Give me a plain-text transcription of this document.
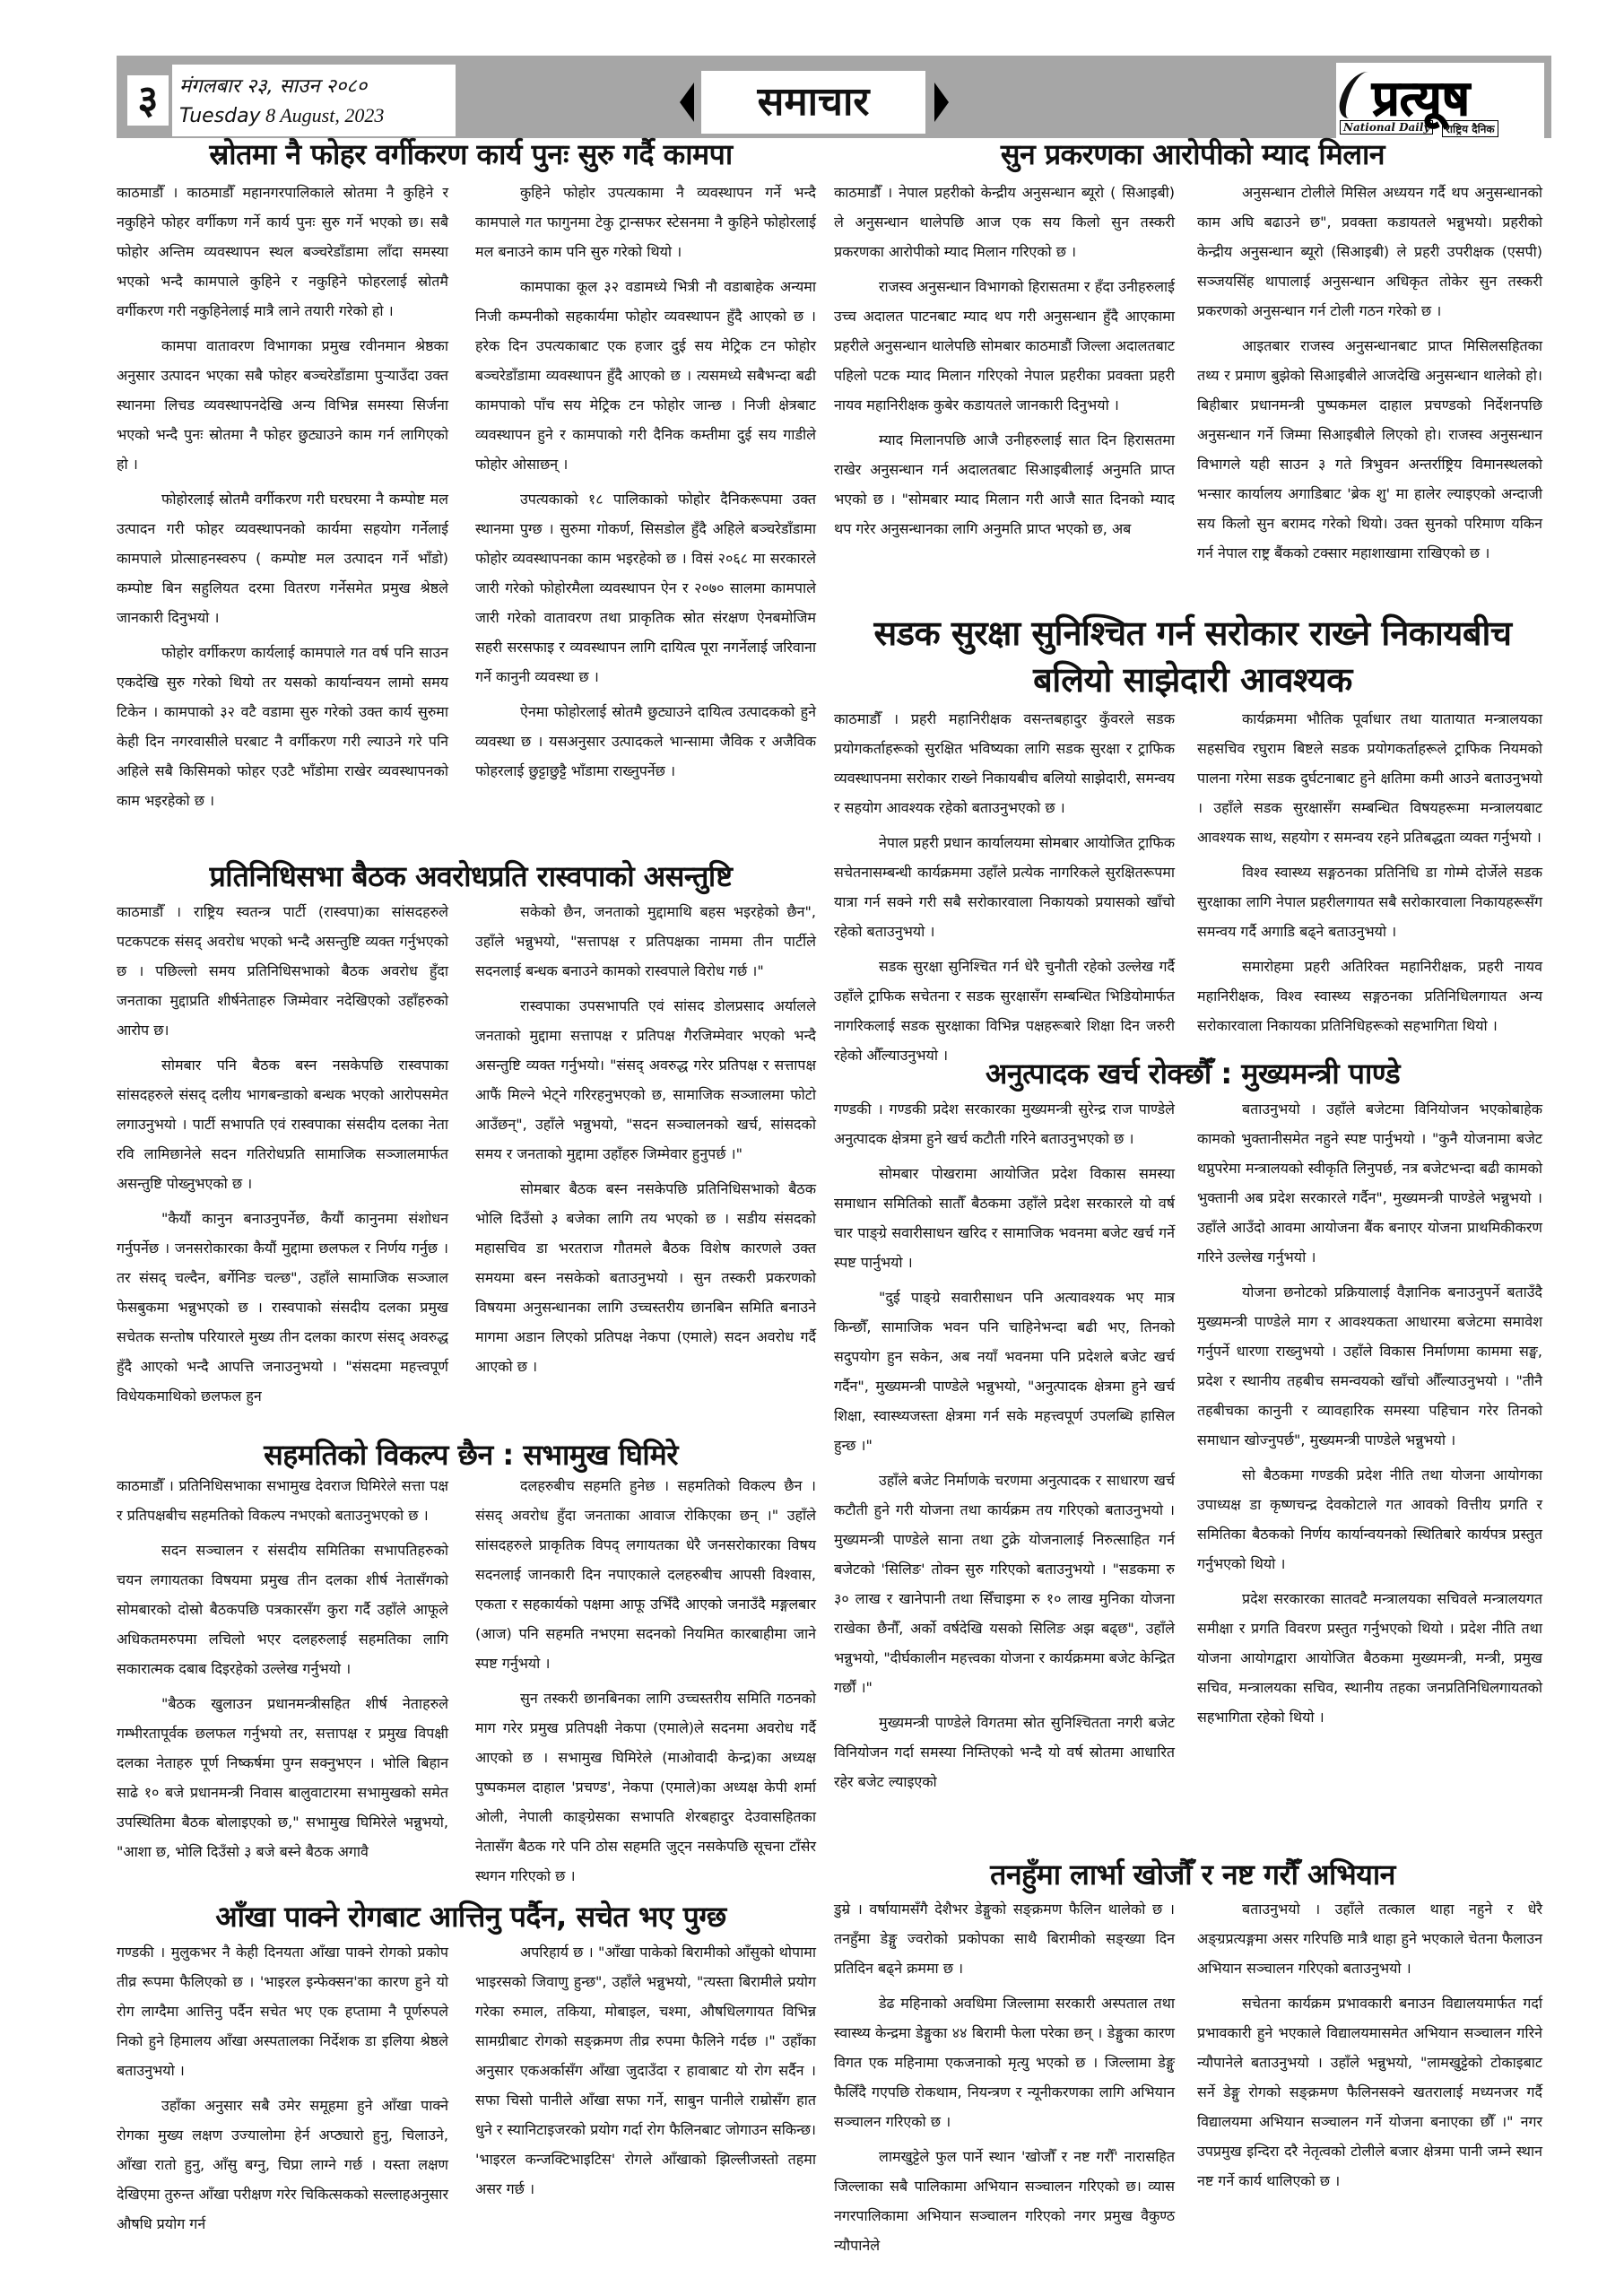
३	मंगलबार २३, साउन २०८०
Tuesday 8 August, 2023	समाचार	प्रत्यूष
National Daily	राष्ट्रिय दैनिक
स्रोतमा नै फोहर वर्गीकरण कार्य पुनः सुरु गर्दै कामपा

काठमाडौँ । काठमाडौँ महानगरपालिकाले स्रोतमा नै कुहिने र नकुहिने फोहर वर्गीकण गर्ने कार्य पुनः सुरु गर्ने भएको छ। सबै फोहोर अन्तिम व्यवस्थापन स्थल बञ्चरेडाँडामा लाँदा समस्या भएको भन्दै कामपाले कुहिने र नकुहिने फोहरलाई स्रोतमै वर्गीकरण गरी नकुहिनेलाई मात्रै लाने तयारी गरेको हो ।

कामपा वातावरण विभागका प्रमुख रवीनमान श्रेष्ठका अनुसार उत्पादन भएका सबै फोहर बञ्चरेडाँडामा पुर्‍याउँदा उक्त स्थानमा लिचड व्यवस्थापनदेखि अन्य विभिन्न समस्या सिर्जना भएको भन्दै पुनः स्रोतमा नै फोहर छुट्याउने काम गर्न लागिएको हो ।

फोहोरलाई स्रोतमै वर्गीकरण गरी घरघरमा नै कम्पोष्ट मल उत्पादन गरी फोहर व्यवस्थापनको कार्यमा सहयोग गर्नेलाई कामपाले प्रोत्साहनस्वरुप ( कम्पोष्ट मल उत्पादन गर्ने भाँडो) कम्पोष्ट बिन सहुलियत दरमा वितरण गर्नेसमेत प्रमुख श्रेष्ठले जानकारी दिनुभयो ।

फोहोर वर्गीकरण कार्यलाई कामपाले गत वर्ष पनि साउन एकदेखि सुरु गरेको थियो तर यसको कार्यान्वयन लामो समय टिकेन । कामपाको ३२ वटै वडामा सुरु गरेको उक्त कार्य सुरुमा केही दिन नगरवासीले घरबाट नै वर्गीकरण गरी ल्याउने गरे पनि अहिले सबै किसिमको फोहर एउटै भाँडोमा राखेर व्यवस्थापनको काम भइरहेको छ ।

कुहिने फोहोर उपत्यकामा नै व्यवस्थापन गर्ने भन्दै कामपाले गत फागुनमा टेकु ट्रान्सफर स्टेसनमा नै कुहिने फोहोरलाई मल बनाउने काम पनि सुरु गरेको थियो ।

कामपाका कूल ३२ वडामध्ये भित्री नौ वडाबाहेक अन्यमा निजी कम्पनीको सहकार्यमा फोहोर व्यवस्थापन हुँदै आएको छ । हरेक दिन उपत्यकाबाट एक हजार दुई सय मेट्रिक टन फोहोर बञ्चरेडाँडामा व्यवस्थापन हुँदै आएको छ । त्यसमध्ये सबैभन्दा बढी कामपाको पाँच सय मेट्रिक टन फोहोर जान्छ । निजी क्षेत्रबाट व्यवस्थापन हुने र कामपाको गरी दैनिक कम्तीमा दुई सय गाडीले फोहोर ओसाछन् ।

उपत्यकाको १८ पालिकाको फोहोर दैनिकरूपमा उक्त स्थानमा पुग्छ । सुरुमा गोकर्ण, सिसडोल हुँदै अहिले बञ्चरेडाँडामा फोहोर व्यवस्थापनका काम भइरहेको छ । विसं २०६८ मा सरकारले जारी गरेको फोहोरमैला व्यवस्थापन ऐन र २०७० सालमा कामपाले जारी गरेको वातावरण तथा प्राकृतिक स्रोत संरक्षण ऐनबमोजिम सहरी सरसफाइ र व्यवस्थापन लागि दायित्व पूरा नगर्नेलाई जरिवाना गर्ने कानुनी व्यवस्था छ ।

ऐनमा फोहोरलाई स्रोतमै छुट्याउने दायित्व उत्पादकको हुने व्यवस्था छ । यसअनुसार उत्पादकले भान्सामा जैविक र अजैविक फोहरलाई छुट्टाछुट्टै भाँडामा राख्नुपर्नेछ ।

सुन प्रकरणका आरोपीको म्याद मिलान

काठमाडौँ । नेपाल प्रहरीको केन्द्रीय अनुसन्धान ब्यूरो ( सिआइबी) ले अनुसन्धान थालेपछि आज एक सय किलो सुन तस्करी प्रकरणका आरोपीको म्याद मिलान गरिएको छ ।

राजस्व अनुसन्धान विभागको हिरासतमा र हँदा उनीहरुलाई उच्च अदालत पाटनबाट म्याद थप गरी अनुसन्धान हुँदै आएकामा प्रहरीले अनुसन्धान थालेपछि सोमबार काठमाडौं जिल्ला अदालतबाट पहिलो पटक म्याद मिलान गरिएको नेपाल प्रहरीका प्रवक्ता प्रहरी नायव महानिरीक्षक कुबेर कडायतले जानकारी दिनुभयो ।

म्याद मिलानपछि आजै उनीहरुलाई सात दिन हिरासतमा राखेर अनुसन्धान गर्न अदालतबाट सिआइबीलाई अनुमति प्राप्त भएको छ । "सोमबार म्याद मिलान गरी आजै सात दिनको म्याद थप गरेर अनुसन्धानका लागि अनुमति प्राप्त भएको छ, अब

अनुसन्धान टोलीले मिसिल अध्ययन गर्दै थप अनुसन्धानको काम अघि बढाउने छ", प्रवक्ता कडायतले भन्नुभयो। प्रहरीको केन्द्रीय अनुसन्धान ब्यूरो (सिआइबी) ले प्रहरी उपरीक्षक (एसपी) सञ्जयसिंह थापालाई अनुसन्धान अधिकृत तोकेर सुन तस्करी प्रकरणको अनुसन्धान गर्न टोली गठन गरेको छ ।

आइतबार राजस्व अनुसन्धानबाट प्राप्त मिसिलसहितका तथ्य र प्रमाण बुझेको सिआइबीले आजदेखि अनुसन्धान थालेको हो। बिहीबार प्रधानमन्त्री पुष्पकमल दाहाल प्रचण्डको निर्देशनपछि अनुसन्धान गर्ने जिम्मा सिआइबीले लिएको हो। राजस्व अनुसन्धान विभागले यही साउन ३ गते त्रिभुवन अन्तर्राष्ट्रिय विमानस्थलको भन्सार कार्यालय अगाडिबाट 'ब्रेक शु' मा हालेर ल्याइएको अन्दाजी सय किलो सुन बरामद गरेको थियो। उक्त सुनको परिमाण यकिन गर्न नेपाल राष्ट्र बैंकको टक्सार महाशाखामा राखिएको छ ।

सडक सुरक्षा सुनिश्चित गर्न सरोकार राख्ने निकायबीच बलियो साझेदारी आवश्यक

काठमाडौँ । प्रहरी महानिरीक्षक वसन्तबहादुर कुँवरले सडक प्रयोगकर्ताहरूको सुरक्षित भविष्यका लागि सडक सुरक्षा र ट्राफिक व्यवस्थापनमा सरोकार राख्ने निकायबीच बलियो साझेदारी, समन्वय र सहयोग आवश्यक रहेको बताउनुभएको छ ।

नेपाल प्रहरी प्रधान कार्यालयमा सोमबार आयोजित ट्राफिक सचेतनासम्बन्धी कार्यक्रममा उहाँले प्रत्येक नागरिकले सुरक्षितरूपमा यात्रा गर्न सक्ने गरी सबै सरोकारवाला निकायको प्रयासको खाँचो रहेको बताउनुभयो ।

सडक सुरक्षा सुनिश्चित गर्न धेरै चुनौती रहेको उल्लेख गर्दै उहाँले ट्राफिक सचेतना र सडक सुरक्षासँग सम्बन्धित भिडियोमार्फत नागरिकलाई सडक सुरक्षाका विभिन्न पक्षहरूबारे शिक्षा दिन जरुरी रहेको औँल्याउनुभयो ।

कार्यक्रममा भौतिक पूर्वाधार तथा यातायात मन्त्रालयका सहसचिव रघुराम बिष्टले सडक प्रयोगकर्ताहरूले ट्राफिक नियमको पालना गरेमा सडक दुर्घटनाबाट हुने क्षतिमा कमी आउने बताउनुभयो । उहाँले सडक सुरक्षासँग सम्बन्धित विषयहरूमा मन्त्रालयबाट आवश्यक साथ, सहयोग र समन्वय रहने प्रतिबद्धता व्यक्त गर्नुभयो ।

विश्व स्वास्थ्य सङ्गठनका प्रतिनिधि डा गोम्मे दोर्जेले सडक सुरक्षाका लागि नेपाल प्रहरीलगायत सबै सरोकारवाला निकायहरूसँग समन्वय गर्दै अगाडि बढ्ने बताउनुभयो ।

समारोहमा प्रहरी अतिरिक्त महानिरीक्षक, प्रहरी नायव महानिरीक्षक, विश्व स्वास्थ्य सङ्गठनका प्रतिनिधिलगायत अन्य सरोकारवाला निकायका प्रतिनिधिहरूको सहभागिता थियो ।

प्रतिनिधिसभा बैठक अवरोधप्रति रास्वपाको असन्तुष्टि

काठमाडौँ । राष्ट्रिय स्वतन्त्र पार्टी (रास्वपा)का सांसदहरुले पटकपटक संसद् अवरोध भएको भन्दै असन्तुष्टि व्यक्त गर्नुभएको छ । पछिल्लो समय प्रतिनिधिसभाको बैठक अवरोध हुँदा जनताका मुद्दाप्रति शीर्षनेताहरु जिम्मेवार नदेखिएको उहाँहरुको आरोप छ।

सोमबार पनि बैठक बस्न नसकेपछि रास्वपाका सांसदहरुले संसद् दलीय भागबन्डाको बन्धक भएको आरोपसमेत लगाउनुभयो । पार्टी सभापति एवं रास्वपाका संसदीय दलका नेता रवि लामिछानेले सदन गतिरोधप्रति सामाजिक सञ्जालमार्फत असन्तुष्टि पोख्नुभएको छ ।

"कैयौं कानुन बनाउनुपर्नेछ, कैयौं कानुनमा संशोधन गर्नुपर्नेछ । जनसरोकारका कैयौं मुद्दामा छलफल र निर्णय गर्नुछ । तर संसद् चल्दैन, बर्गेनिङ चल्छ", उहाँले सामाजिक सञ्जाल फेसबुकमा भन्नुभएको छ । रास्वपाको संसदीय दलका प्रमुख सचेतक सन्तोष परियारले मुख्य तीन दलका कारण संसद् अवरुद्ध हुँदै आएको भन्दै आपत्ति जनाउनुभयो । "संसदमा महत्त्वपूर्ण विधेयकमाथिको छलफल हुन

सकेको छैन, जनताको मुद्दामाथि बहस भइरहेको छैन", उहाँले भन्नुभयो, "सत्तापक्ष र प्रतिपक्षका नाममा तीन पार्टीले सदनलाई बन्धक बनाउने कामको रास्वपाले विरोध गर्छ ।"

रास्वपाका उपसभापति एवं सांसद डोलप्रसाद अर्यालले जनताको मुद्दामा सत्तापक्ष र प्रतिपक्ष गैरजिम्मेवार भएको भन्दै असन्तुष्टि व्यक्त गर्नुभयो। "संसद् अवरुद्ध गरेर प्रतिपक्ष र सत्तापक्ष आफैं मिल्ने भेट्ने गरिरहनुभएको छ, सामाजिक सञ्जालमा फोटो आउँछन्", उहाँले भन्नुभयो, "सदन सञ्चालनको खर्च, सांसदको समय र जनताको मुद्दामा उहाँहरु जिम्मेवार हुनुपर्छ ।"

सोमबार बैठक बस्न नसकेपछि प्रतिनिधिसभाको बैठक भोलि दिउँसो ३ बजेका लागि तय भएको छ । सडीय संसदको महासचिव डा भरतराज गौतमले बैठक विशेष कारणले उक्त समयमा बस्न नसकेको बताउनुभयो । सुन तस्करी प्रकरणको विषयमा अनुसन्धानका लागि उच्चस्तरीय छानबिन समिति बनाउने मागमा अडान लिएको प्रतिपक्ष नेकपा (एमाले) सदन अवरोध गर्दै आएको छ ।

अनुत्पादक खर्च रोक्छौँ : मुख्यमन्त्री पाण्डे

गण्डकी । गण्डकी प्रदेश सरकारका मुख्यमन्त्री सुरेन्द्र राज पाण्डेले अनुत्पादक क्षेत्रमा हुने खर्च कटौती गरिने बताउनुभएको छ ।

सोमबार पोखरामा आयोजित प्रदेश विकास समस्या समाधान समितिको सातौँ बैठकमा उहाँले प्रदेश सरकारले यो वर्ष चार पाङ्ग्रे सवारीसाधन खरिद र सामाजिक भवनमा बजेट खर्च गर्ने स्पष्ट पार्नुभयो ।

"दुई पाङ्ग्रे सवारीसाधन पनि अत्यावश्यक भए मात्र किन्छौँ, सामाजिक भवन पनि चाहिनेभन्दा बढी भए, तिनको सदुपयोग हुन सकेन, अब नयाँ भवनमा पनि प्रदेशले बजेट खर्च गर्दैन", मुख्यमन्त्री पाण्डेले भन्नुभयो, "अनुत्पादक क्षेत्रमा हुने खर्च शिक्षा, स्वास्थ्यजस्ता क्षेत्रमा गर्न सके महत्त्वपूर्ण उपलब्धि हासिल हुन्छ ।"

उहाँले बजेट निर्माणके चरणमा अनुत्पादक र साधारण खर्च कटौती हुने गरी योजना तथा कार्यक्रम तय गरिएको बताउनुभयो । मुख्यमन्त्री पाण्डेले साना तथा टुक्रे योजनालाई निरुत्साहित गर्न बजेटको 'सिलिङ' तोक्न सुरु गरिएको बताउनुभयो । "सडकमा रु ३० लाख र खानेपानी तथा सिँचाइमा रु १० लाख मुनिका योजना राखेका छैनौँ, अर्को वर्षदेखि यसको सिलिङ अझ बढ्छ", उहाँले भन्नुभयो, "दीर्घकालीन महत्त्वका योजना र कार्यक्रममा बजेट केन्द्रित गर्छौं ।"

मुख्यमन्त्री पाण्डेले विगतमा स्रोत सुनिश्चितता नगरी बजेट विनियोजन गर्दा समस्या निम्तिएको भन्दै यो वर्ष स्रोतमा आधारित रहेर बजेट ल्याइएको

बताउनुभयो । उहाँले बजेटमा विनियोजन भएकोबाहेक कामको भुक्तानीसमेत नहुने स्पष्ट पार्नुभयो । "कुनै योजनामा बजेट थप्नुपरेमा मन्त्रालयको स्वीकृति लिनुपर्छ, नत्र बजेटभन्दा बढी कामको भुक्तानी अब प्रदेश सरकारले गर्दैन", मुख्यमन्त्री पाण्डेले भन्नुभयो । उहाँले आउँदो आवमा आयोजना बैंक बनाएर योजना प्राथमिकीकरण गरिने उल्लेख गर्नुभयो ।

योजना छनोटको प्रक्रियालाई वैज्ञानिक बनाउनुपर्ने बताउँदै मुख्यमन्त्री पाण्डेले माग र आवश्यकता आधारमा बजेटमा समावेश गर्नुपर्ने धारणा राख्नुभयो । उहाँले विकास निर्माणमा काममा सङ्घ, प्रदेश र स्थानीय तहबीच समन्वयको खाँचो औँल्याउनुभयो । "तीनै तहबीचका कानुनी र व्यावहारिक समस्या पहिचान गरेर तिनको समाधान खोज्नुपर्छ", मुख्यमन्त्री पाण्डेले भन्नुभयो ।

सो बैठकमा गण्डकी प्रदेश नीति तथा योजना आयोगका उपाध्यक्ष डा कृष्णचन्द्र देवकोटाले गत आवको वित्तीय प्रगति र समितिका बैठकको निर्णय कार्यान्वयनको स्थितिबारे कार्यपत्र प्रस्तुत गर्नुभएको थियो ।

प्रदेश सरकारका सातवटै मन्त्रालयका सचिवले मन्त्रालयगत समीक्षा र प्रगति विवरण प्रस्तुत गर्नुभएको थियो । प्रदेश नीति तथा योजना आयोगद्वारा आयोजित बैठकमा मुख्यमन्त्री, मन्त्री, प्रमुख सचिव, मन्त्रालयका सचिव, स्थानीय तहका जनप्रतिनिधिलगायतको सहभागिता रहेको थियो ।

सहमतिको विकल्प छैन : सभामुख घिमिरे

काठमाडौँ । प्रतिनिधिसभाका सभामुख देवराज घिमिरेले सत्ता पक्ष र प्रतिपक्षबीच सहमतिको विकल्प नभएको बताउनुभएको छ ।

सदन सञ्चालन र संसदीय समितिका सभापतिहरुको चयन लगायतका विषयमा प्रमुख तीन दलका शीर्ष नेतासँगको सोमबारको दोस्रो बैठकपछि पत्रकारसँग कुरा गर्दै उहाँले आफूले अधिकतमरुपमा लचिलो भएर दलहरुलाई सहमतिका लागि सकारात्मक दबाब दिइरहेको उल्लेख गर्नुभयो ।

"बैठक खुलाउन प्रधानमन्त्रीसहित शीर्ष नेताहरुले गम्भीरतापूर्वक छलफल गर्नुभयो तर, सत्तापक्ष र प्रमुख विपक्षी दलका नेताहरु पूर्ण निष्कर्षमा पुग्न सक्नुभएन । भोलि बिहान साढे १० बजे प्रधानमन्त्री निवास बालुवाटारमा सभामुखको समेत उपस्थितिमा बैठक बोलाइएको छ," सभामुख घिमिरेले भन्नुभयो, "आशा छ, भोलि दिउँसो ३ बजे बस्ने बैठक अगावै

दलहरुबीच सहमति हुनेछ । सहमतिको विकल्प छैन । संसद् अवरोध हुँदा जनताका आवाज रोकिएका छन् ।" उहाँले सांसदहरुले प्राकृतिक विपद् लगायतका धेरै जनसरोकारका विषय सदनलाई जानकारी दिन नपाएकाले दलहरुबीच आपसी विश्वास, एकता र सहकार्यको पक्षमा आफू उभिँदै आएको जनाउँदै मङ्गलबार (आज) पनि सहमति नभएमा सदनको नियमित कारबाहीमा जाने स्पष्ट गर्नुभयो ।

सुन तस्करी छानबिनका लागि उच्चस्तरीय समिति गठनको माग गरेर प्रमुख प्रतिपक्षी नेकपा (एमाले)ले सदनमा अवरोध गर्दै आएको छ । सभामुख घिमिरेले (माओवादी केन्द्र)का अध्यक्ष पुष्पकमल दाहाल 'प्रचण्ड', नेकपा (एमाले)का अध्यक्ष केपी शर्मा ओली, नेपाली काङ्ग्रेसका सभापति शेरबहादुर देउवासहितका नेतासँग बैठक गरे पनि ठोस सहमति जुट्न नसकेपछि सूचना टाँसेर स्थगन गरिएको छ ।

आँखा पाक्ने रोगबाट आत्तिनु पर्दैन, सचेत भए पुग्छ

गण्डकी । मुलुकभर नै केही दिनयता आँखा पाक्ने रोगको प्रकोप तीव्र रूपमा फैलिएको छ । 'भाइरल इन्फेक्सन'का कारण हुने यो रोग लाग्दैमा आत्तिनु पर्दैन सचेत भए एक हप्तामा नै पूर्णरुपले निको हुने हिमालय आँखा अस्पतालका निर्देशक डा इलिया श्रेष्ठले बताउनुभयो ।

उहाँका अनुसार सबै उमेर समूहमा हुने आँखा पाक्ने रोगका मुख्य लक्षण उज्यालोमा हेर्न अप्ठ्यारो हुनु, चिलाउने, आँखा रातो हुनु, आँसु बग्नु, चिप्रा लाग्ने गर्छ । यस्ता लक्षण देखिएमा तुरुन्त आँखा परीक्षण गरेर चिकित्सकको सल्लाहअनुसार औषधि प्रयोग गर्न

अपरिहार्य छ । "आँखा पाकेको बिरामीको आँसुको थोपामा भाइरसको जिवाणु हुन्छ", उहाँले भन्नुभयो, "त्यस्ता बिरामीले प्रयोग गरेका रुमाल, तकिया, मोबाइल, चश्मा, औषधिलगायत विभिन्न सामग्रीबाट रोगको सङ्क्रमण तीव्र रुपमा फैलिने गर्दछ ।" उहाँका अनुसार एकअर्कासँग आँखा जुदाउँदा र हावाबाट यो रोग सर्दैन । सफा चिसो पानीले आँखा सफा गर्ने, साबुन पानीले राम्रोसँग हात धुने र स्यानिटाइजरको प्रयोग गर्दा रोग फैलिनबाट जोगाउन सकिन्छ। 'भाइरल कन्जक्टिभाइटिस' रोगले आँखाको झिल्लीजस्तो तहमा असर गर्छ ।

तनहुँमा लार्भा खोजौँ र नष्ट गरौँ अभियान

डुम्रे । वर्षायामसँगै देशैभर डेङ्गुको सङ्क्रमण फैलिन थालेको छ । तनहुँमा डेङ्गु ज्वरोको प्रकोपका साथै बिरामीको सङ्ख्या दिन प्रतिदिन बढ्ने क्रममा छ ।

डेढ महिनाको अवधिमा जिल्लामा सरकारी अस्पताल तथा स्वास्थ्य केन्द्रमा डेङ्गुका ४४ बिरामी फेला परेका छन् । डेङ्गुका कारण विगत एक महिनामा एकजनाको मृत्यु भएको छ । जिल्लामा डेङ्गु फैलिँदै गएपछि रोकथाम, नियन्त्रण र न्यूनीकरणका लागि अभियान सञ्चालन गरिएको छ ।

लामखुट्टेले फुल पार्ने स्थान 'खोजौँ र नष्ट गरौँ' नारासहित जिल्लाका सबै पालिकामा अभियान सञ्चालन गरिएको छ। व्यास नगरपालिकामा अभियान सञ्चालन गरिएको नगर प्रमुख वैकुण्ठ न्यौपानेले

बताउनुभयो । उहाँले तत्काल थाहा नहुने र धेरै अङ्ग्रप्रत्यङ्गमा असर गरिपछि मात्रै थाहा हुने भएकाले चेतना फैलाउन अभियान सञ्चालन गरिएको बताउनुभयो ।

सचेतना कार्यक्रम प्रभावकारी बनाउन विद्यालयमार्फत गर्दा प्रभावकारी हुने भएकाले विद्यालयमासमेत अभियान सञ्चालन गरिने न्यौपानेले बताउनुभयो । उहाँले भन्नुभयो, "लामखुट्टेको टोकाइबाट सर्ने डेङ्गु रोगको सङ्क्रमण फैलिनसक्ने खतरालाई मध्यनजर गर्दै विद्यालयमा अभियान सञ्चालन गर्ने योजना बनाएका छौँ ।" नगर उपप्रमुख इन्दिरा दरै नेतृत्वको टोलीले बजार क्षेत्रमा पानी जम्ने स्थान नष्ट गर्ने कार्य थालिएको छ ।
